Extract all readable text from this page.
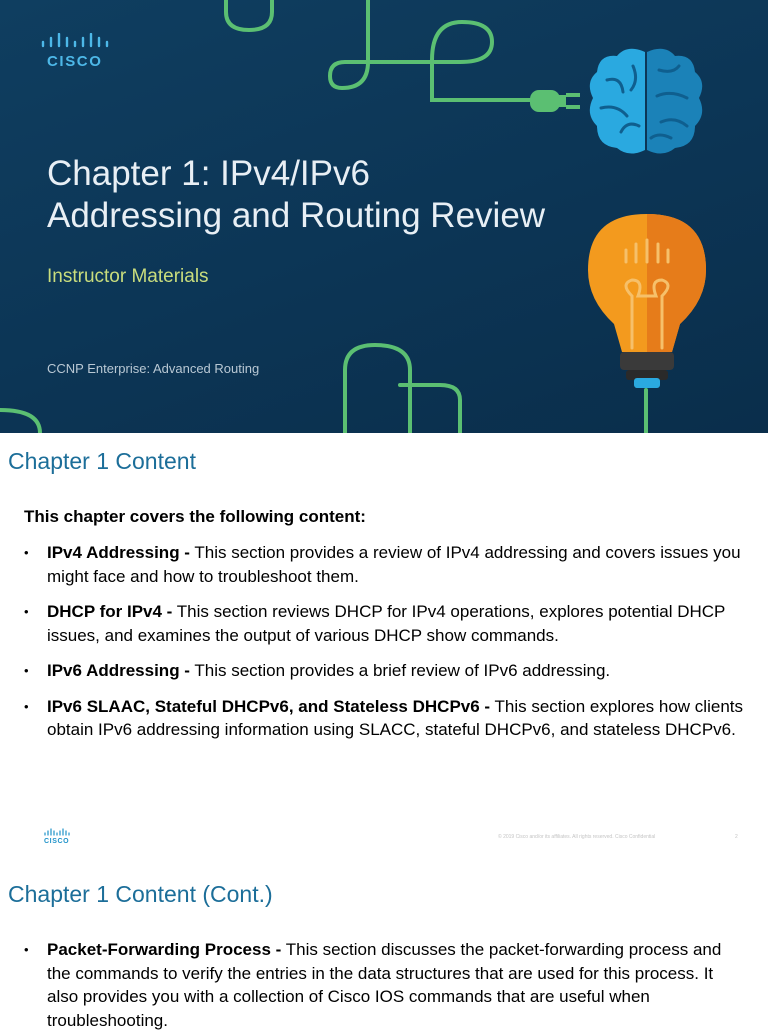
CISCO
Chapter 1: IPv4/IPv6
Addressing and Routing Review

Instructor Materials

CCNP Enterprise: Advanced Routing

Chapter 1 Content

This chapter covers the following content:

• IPv4 Addressing - This section provides a review of IPv4 addressing and covers issues you might face and how to troubleshoot them.
• DHCP for IPv4 - This section reviews DHCP for IPv4 operations, explores potential DHCP issues, and examines the output of various DHCP show commands.
• IPv6 Addressing - This section provides a brief review of IPv6 addressing.
• IPv6 SLAAC, Stateful DHCPv6, and Stateless DHCPv6 - This section explores how clients obtain IPv6 addressing information using SLACC, stateful DHCPv6, and stateless DHCPv6.
CISCO
© 2019 Cisco and/or its affiliates. All rights reserved. Cisco Confidential	2
Chapter 1 Content (Cont.)
• Packet-Forwarding Process - This section discusses the packet-forwarding process and the commands to verify the entries in the data structures that are used for this process. It also provides you with a collection of Cisco IOS commands that are useful when troubleshooting.
